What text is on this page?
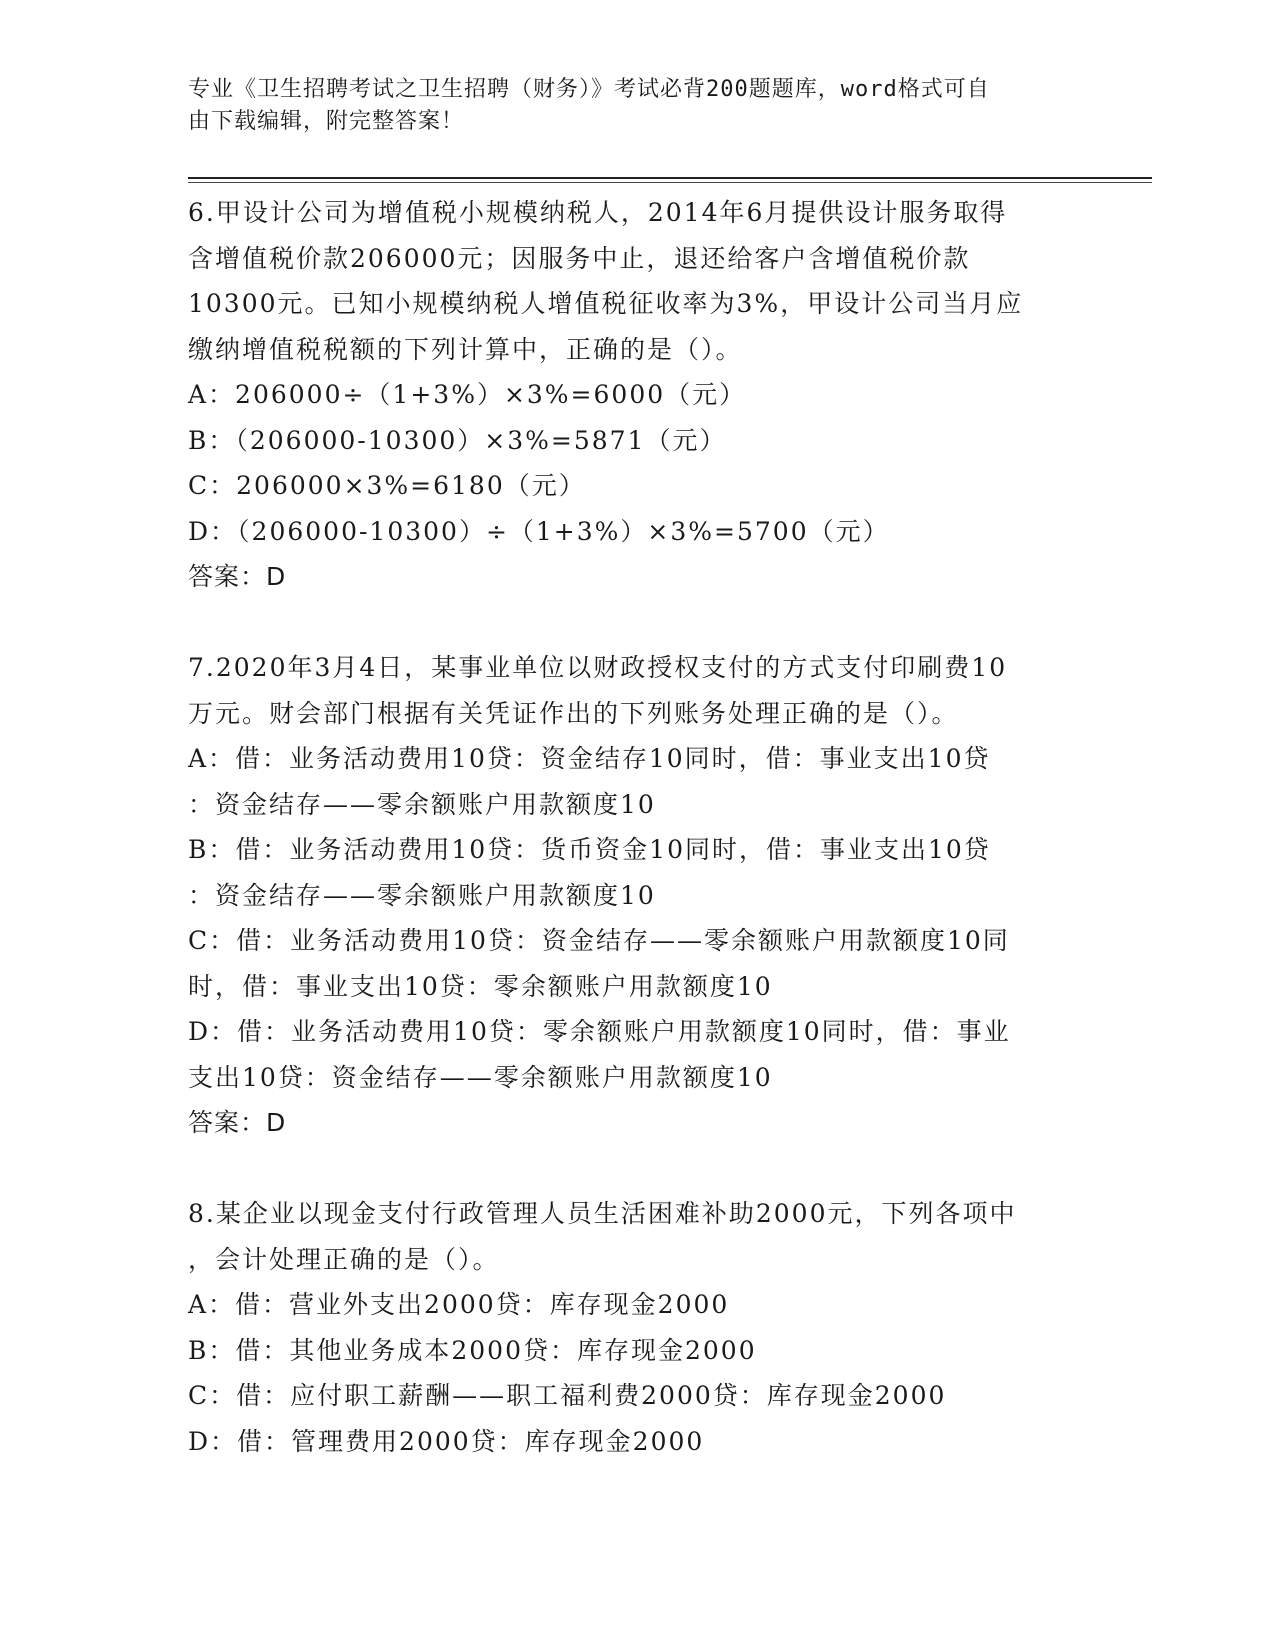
专业《卫生招聘考试之卫生招聘（财务）》考试必背200题题库，word格式可自
由下载编辑，附完整答案！
6.甲设计公司为增值税小规模纳税人，2014年6月提供设计服务取得
含增值税价款206000元；因服务中止，退还给客户含增值税价款
10300元。已知小规模纳税人增值税征收率为3%，甲设计公司当月应
缴纳增值税税额的下列计算中，正确的是（）。
A：206000÷（1+3%）×3%=6000（元）
B：（206000-10300）×3%=5871（元）
C：206000×3%=6180（元）
D：（206000-10300）÷（1+3%）×3%=5700（元）
答案：D
7.2020年3月4日，某事业单位以财政授权支付的方式支付印刷费10
万元。财会部门根据有关凭证作出的下列账务处理正确的是（）。
A：借：业务活动费用10贷：资金结存10同时，借：事业支出10贷
：资金结存——零余额账户用款额度10
B：借：业务活动费用10贷：货币资金10同时，借：事业支出10贷
：资金结存——零余额账户用款额度10
C：借：业务活动费用10贷：资金结存——零余额账户用款额度10同
时，借：事业支出10贷：零余额账户用款额度10
D：借：业务活动费用10贷：零余额账户用款额度10同时，借：事业
支出10贷：资金结存——零余额账户用款额度10
答案：D
8.某企业以现金支付行政管理人员生活困难补助2000元，下列各项中
，会计处理正确的是（）。
A：借：营业外支出2000贷：库存现金2000
B：借：其他业务成本2000贷：库存现金2000
C：借：应付职工薪酬——职工福利费2000贷：库存现金2000
D：借：管理费用2000贷：库存现金2000
